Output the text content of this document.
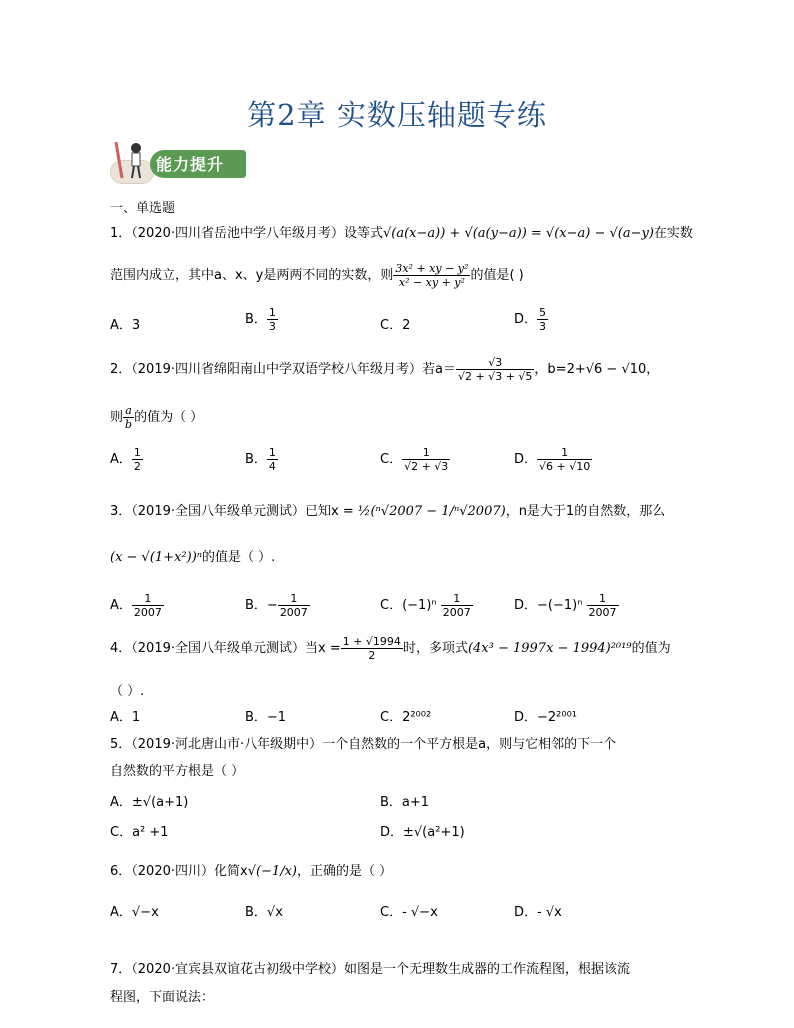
第2章 实数压轴题专练
能力提升
一、单选题
1．（2020·四川省岳池中学八年级月考）设等式√(a(x−a)) + √(a(y−a)) = √(x−a) − √(a−y)在实数
范围内成立，其中a、x、y是两两不同的实数，则 $\frac{\text{3x² + xy − y²}}{\text{x² − xy + y²}}$ 的值是( )
A．3	B． $\frac{1}{3}$	C．2	D． $\frac{5}{3}$
2．（2019·四川省绵阳南山中学双语学校八年级月考）若$a= \frac{√3}{√2 + √3 + √5}$ ，b=2+√6 − √10，
则 $\frac{a}{b}$ 的值为（ ）
A． $\frac{1}{2}$	B． $\frac{1}{4}$	C． $\frac{1}{√2 + √3}$	D． $\frac{1}{√6 + √10}$
3．（2019·全国八年级单元测试）已知x = ½(ⁿ√2007 − 1/ⁿ√2007)，n是大于1的自然数，那么
(x − √(1+x²))ⁿ的值是（ ）.
A． $\frac{1}{2007}$	B．− $\frac{1}{2007}$	C．$(-1)^n \frac{1}{2007}$	D．$-(-1)^n \frac{1}{2007}$
4．（2019·全国八年级单元测试）当$x = \frac{1 + √1994}{2}$ 时，多项式(4x³ − 1997x − 1994)²⁰¹⁹的值为
（ ）.
A．1	B．−1	C．2²⁰⁰²	D．−2²⁰⁰¹
5．（2019·河北唐山市·八年级期中）一个自然数的一个平方根是a，则与它相邻的下一个
自然数的平方根是（ ）
A．±√(a+1)	B．a+1
C．a² +1	D．±√(a²+1)
6．（2020·四川）化简x√(−1/x)，正确的是（ ）
A．√−x	B．√x	C．- √−x	D．- √x
7．（2020·宜宾县双谊花古初级中学校）如图是一个无理数生成器的工作流程图，根据该流
程图，下面说法：
